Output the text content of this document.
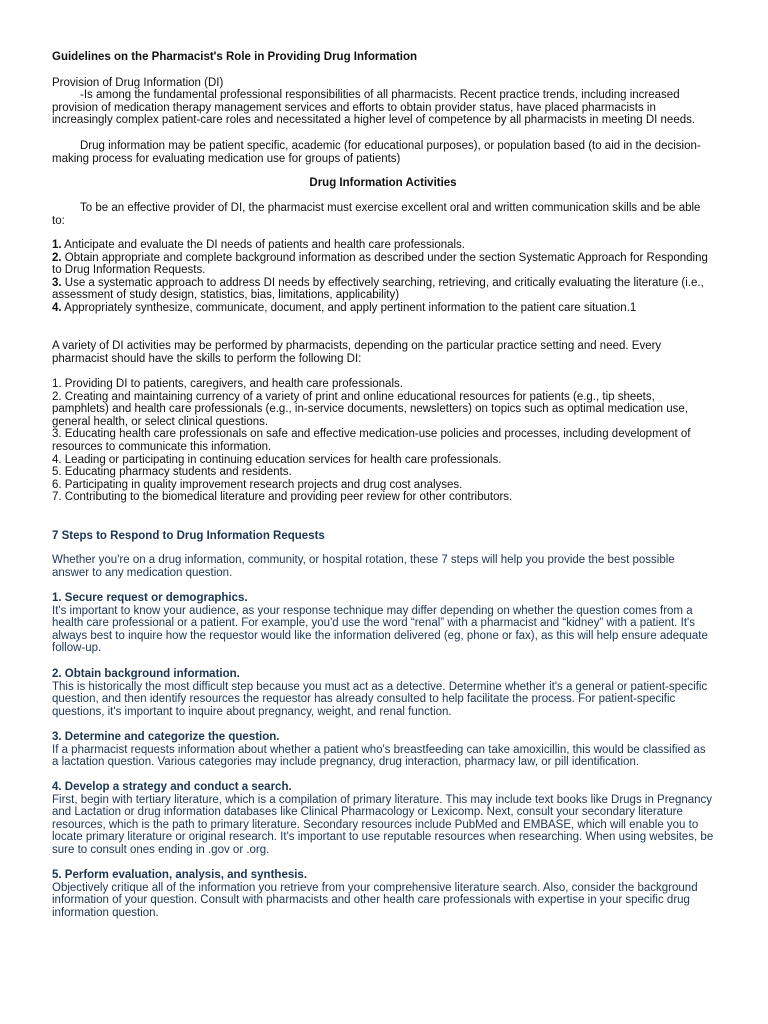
Guidelines on the Pharmacist's Role in Providing Drug Information

Provision of Drug Information (DI)

-Is among the fundamental professional responsibilities of all pharmacists. Recent practice trends, including increased provision of medication therapy management services and efforts to obtain provider status, have placed pharmacists in increasingly complex patient-care roles and necessitated a higher level of competence by all pharmacists in meeting DI needs.

Drug information may be patient specific, academic (for educational purposes), or population based (to aid in the decision-making process for evaluating medication use for groups of patients)

Drug Information Activities

To be an effective provider of DI, the pharmacist must exercise excellent oral and written communication skills and be able to:

1. Anticipate and evaluate the DI needs of patients and health care professionals.

2. Obtain appropriate and complete background information as described under the section Systematic Approach for Responding to Drug Information Requests.

3. Use a systematic approach to address DI needs by effectively searching, retrieving, and critically evaluating the literature (i.e., assessment of study design, statistics, bias, limitations, applicability)

4. Appropriately synthesize, communicate, document, and apply pertinent information to the patient care situation.1

A variety of DI activities may be performed by pharmacists, depending on the particular practice setting and need. Every pharmacist should have the skills to perform the following DI:

1. Providing DI to patients, caregivers, and health care professionals.

2. Creating and maintaining currency of a variety of print and online educational resources for patients (e.g., tip sheets, pamphlets) and health care professionals (e.g., in-service documents, newsletters) on topics such as optimal medication use, general health, or select clinical questions.

3. Educating health care professionals on safe and effective medication-use policies and processes, including development of resources to communicate this information.

4. Leading or participating in continuing education services for health care professionals.

5. Educating pharmacy students and residents.

6. Participating in quality improvement research projects and drug cost analyses.

7. Contributing to the biomedical literature and providing peer review for other contributors.

7 Steps to Respond to Drug Information Requests

Whether you're on a drug information, community, or hospital rotation, these 7 steps will help you provide the best possible answer to any medication question.

1. Secure request or demographics.

It's important to know your audience, as your response technique may differ depending on whether the question comes from a health care professional or a patient. For example, you'd use the word “renal” with a pharmacist and “kidney” with a patient. It's always best to inquire how the requestor would like the information delivered (eg, phone or fax), as this will help ensure adequate follow-up.

2. Obtain background information.

This is historically the most difficult step because you must act as a detective. Determine whether it's a general or patient-specific question, and then identify resources the requestor has already consulted to help facilitate the process. For patient-specific questions, it's important to inquire about pregnancy, weight, and renal function.

3. Determine and categorize the question.

If a pharmacist requests information about whether a patient who's breastfeeding can take amoxicillin, this would be classified as a lactation question. Various categories may include pregnancy, drug interaction, pharmacy law, or pill identification.

4. Develop a strategy and conduct a search.

First, begin with tertiary literature, which is a compilation of primary literature. This may include text books like Drugs in Pregnancy and Lactation or drug information databases like Clinical Pharmacology or Lexicomp. Next, consult your secondary literature resources, which is the path to primary literature. Secondary resources include PubMed and EMBASE, which will enable you to locate primary literature or original research. It's important to use reputable resources when researching. When using websites, be sure to consult ones ending in .gov or .org.

5. Perform evaluation, analysis, and synthesis.

Objectively critique all of the information you retrieve from your comprehensive literature search. Also, consider the background information of your question. Consult with pharmacists and other health care professionals with expertise in your specific drug information question.
